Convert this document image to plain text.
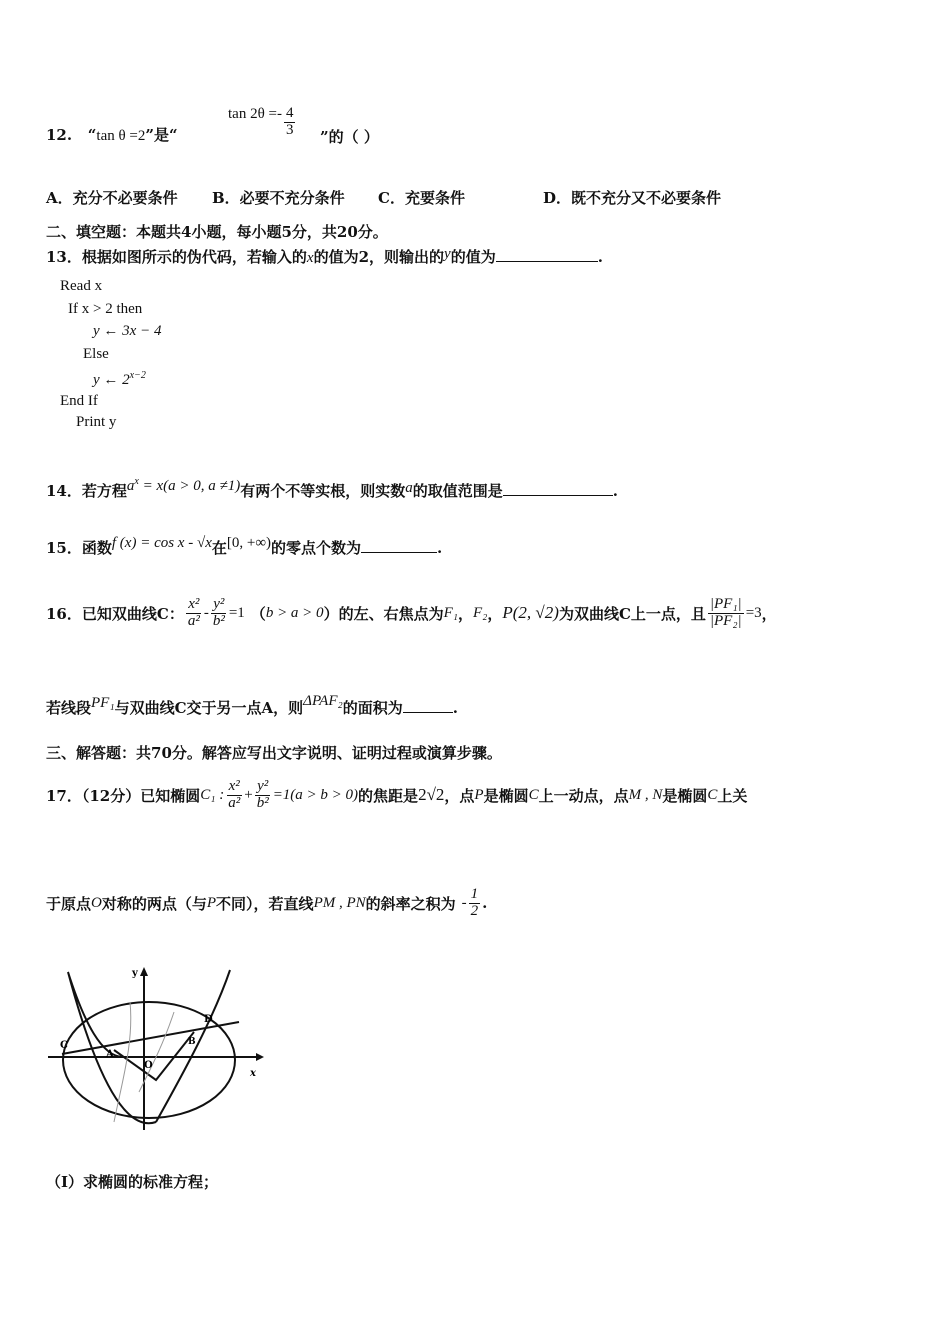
12. “tan θ =2”是“
$\tan 2\theta =- \frac{4}{3}$ ”的（ ）
A．充分不必要条件 B．必要不充分条件 C．充要条件	D．既不充分又不必要条件
二、填空题：本题共4小题，每小题5分，共20分。
13．根据如图所示的伪代码，若输入的x的值为2，则输出的y的值为	.
Read x
If x > 2 then
y ← 3x − 4
Else
y ← $2^{x-2}$
End If
Print y
14．若方程$a^x = x(a > 0$, a ≠1)有两个不等实根，则实数a的取值范围是	.
15．函数f (x) = cos x - √x在[0, +∞)的零点个数为	.
16．已知双曲线C： $\frac{\text{x²}}{\text{a²}} - \frac{\text{y²}}{\text{b²}} =1$ （ b > a > 0 ）的左、右焦点为 F₁ ， F₂ ， P(2, √2) 为双曲线C上一点，且 $\frac{\text{|PF₁|}}{\text{|PF₂|}} =3$ ，
若线段PF₁与双曲线C交于另一点A，则ΔPAF₂的面积为	.
三、解答题：共70分。解答应写出文字说明、证明过程或演算步骤。
17．（12分）已知椭圆 C₁ : $\frac{\text{x²}}{\text{a²}} + \frac{\text{y²}}{\text{b²}} =1(a > b > 0)$ 的焦距是 2√2 ，点 P 是椭圆 C 上一动点，点 M , N 是椭圆 C 上关
于原点 O 对称的两点（与 P 不同），若直线 PM , PN 的斜率之积为 - $\frac{1}{2}$ .
y
x
C
D
A
B
O
（Ⅰ）求椭圆的标准方程；
